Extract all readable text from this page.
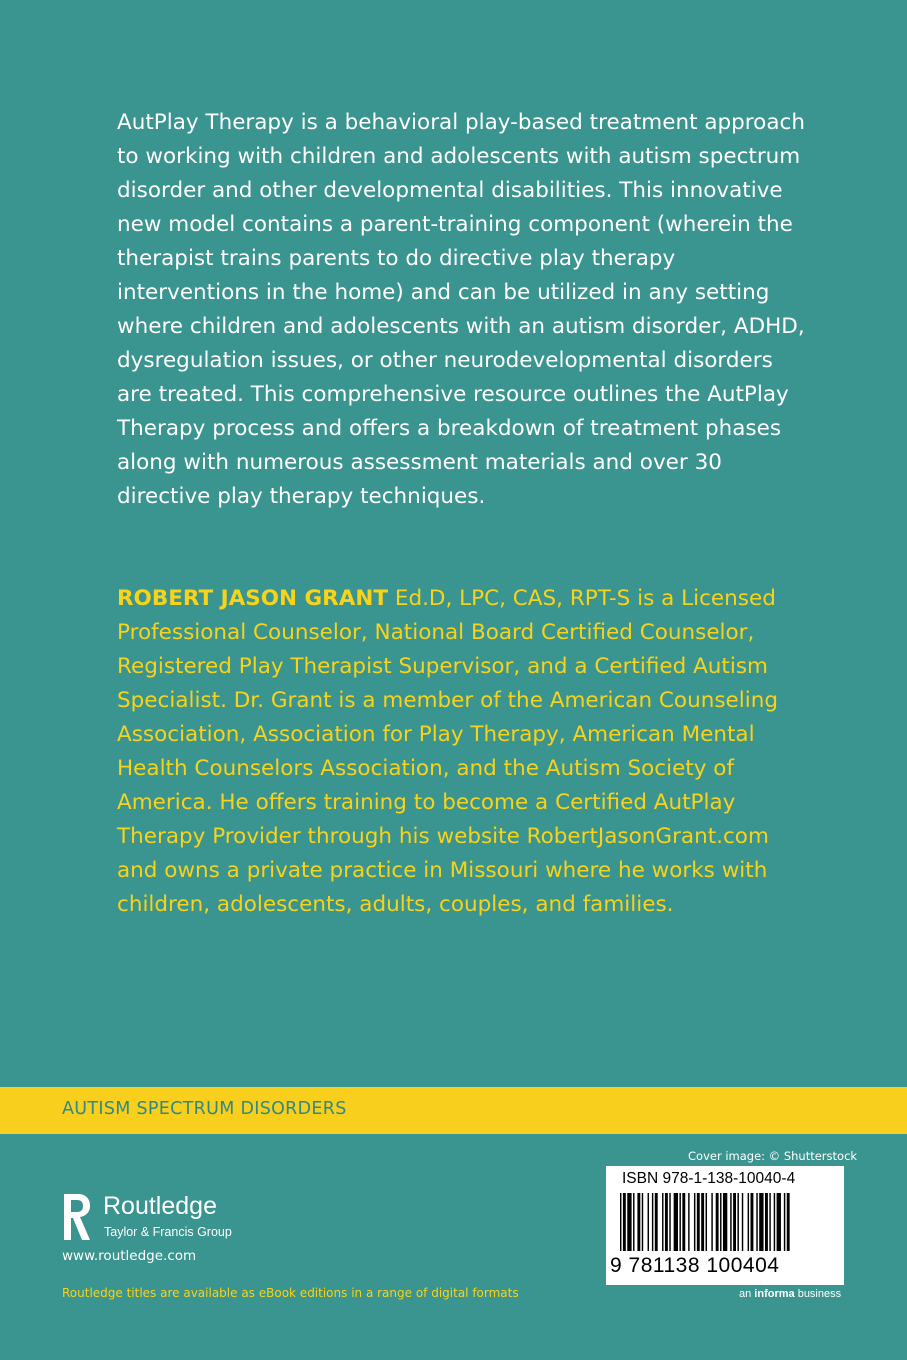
AutPlay Therapy is a behavioral play-based treatment approach to working with children and adolescents with autism spectrum disorder and other developmental disabilities. This innovative new model contains a parent-training component (wherein the therapist trains parents to do directive play therapy interventions in the home) and can be utilized in any setting where children and adolescents with an autism disorder, ADHD, dysregulation issues, or other neurodevelopmental disorders are treated. This comprehensive resource outlines the AutPlay Therapy process and offers a breakdown of treatment phases along with numerous assessment materials and over 30 directive play therapy techniques.

ROBERT JASON GRANT Ed.D, LPC, CAS, RPT-S is a Licensed Professional Counselor, National Board Certified Counselor, Registered Play Therapist Supervisor, and a Certified Autism Specialist. Dr. Grant is a member of the American Counseling Association, Association for Play Therapy, American Mental Health Counselors Association, and the Autism Society of America. He offers training to become a Certified AutPlay Therapy Provider through his website RobertJasonGrant.com and owns a private practice in Missouri where he works with children, adolescents, adults, couples, and families.

AUTISM SPECTRUM DISORDERS
Cover image: © Shutterstock
Routledge
Taylor & Francis Group
www.routledge.com
Routledge titles are available as eBook editions in a range of digital formats
ISBN 978-1-138-10040-4
9 781138 100404
an informa business
